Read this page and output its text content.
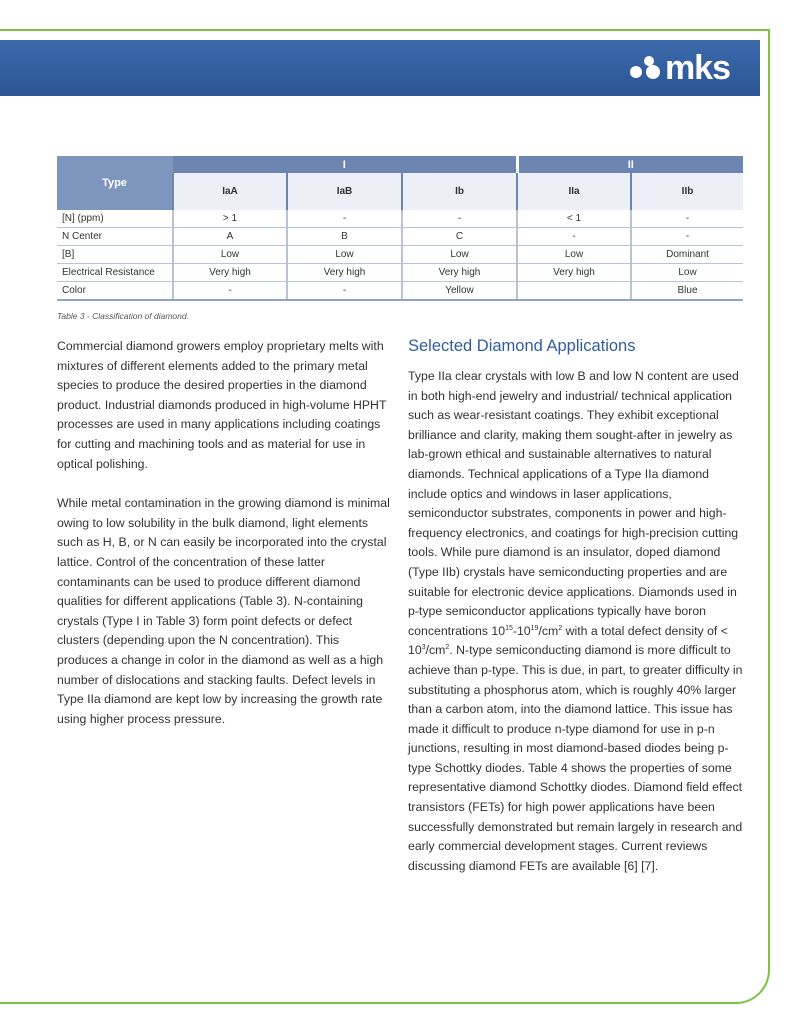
mks
Type	I			II	
	IaA	IaB	Ib	IIa	IIb
[N] (ppm)	> 1	-	-	< 1	-
N Center	A	B	C	-	-
[B]	Low	Low	Low	Low	Dominant
Electrical Resistance	Very high	Very high	Very high	Very high	Low
Color	-	-	Yellow		Blue
Table 3 - Classification of diamond.

Commercial diamond growers employ proprietary melts with mixtures of different elements added to the primary metal species to produce the desired properties in the diamond product. Industrial diamonds produced in high-volume HPHT processes are used in many applications including coatings for cutting and machining tools and as material for use in optical polishing.

While metal contamination in the growing diamond is minimal owing to low solubility in the bulk diamond, light elements such as H, B, or N can easily be incorporated into the crystal lattice. Control of the concentration of these latter contaminants can be used to produce different diamond qualities for different applications (Table 3). N-containing crystals (Type I in Table 3) form point defects or defect clusters (depending upon the N concentration). This produces a change in color in the diamond as well as a high number of dislocations and stacking faults. Defect levels in Type IIa diamond are kept low by increasing the growth rate using higher process pressure.

Selected Diamond Applications

Type IIa clear crystals with low B and low N content are used in both high-end jewelry and industrial/ technical application such as wear-resistant coatings. They exhibit exceptional brilliance and clarity, making them sought-after in jewelry as lab-grown ethical and sustainable alternatives to natural diamonds. Technical applications of a Type IIa diamond include optics and windows in laser applications, semiconductor substrates, components in power and high-frequency electronics, and coatings for high-precision cutting tools. While pure diamond is an insulator, doped diamond (Type IIb) crystals have semiconducting properties and are suitable for electronic device applications. Diamonds used in p-type semiconductor applications typically have boron concentrations $10^{15}-10^{19}/cm^2$ with a total defect density of < $10^3/cm^2$. N-type semiconducting diamond is more difficult to achieve than p-type. This is due, in part, to greater difficulty in substituting a phosphorus atom, which is roughly 40% larger than a carbon atom, into the diamond lattice. This issue has made it difficult to produce n-type diamond for use in p-n junctions, resulting in most diamond-based diodes being p-type Schottky diodes. Table 4 shows the properties of some representative diamond Schottky diodes. Diamond field effect transistors (FETs) for high power applications have been successfully demonstrated but remain largely in research and early commercial development stages. Current reviews discussing diamond FETs are available [6] [7].
